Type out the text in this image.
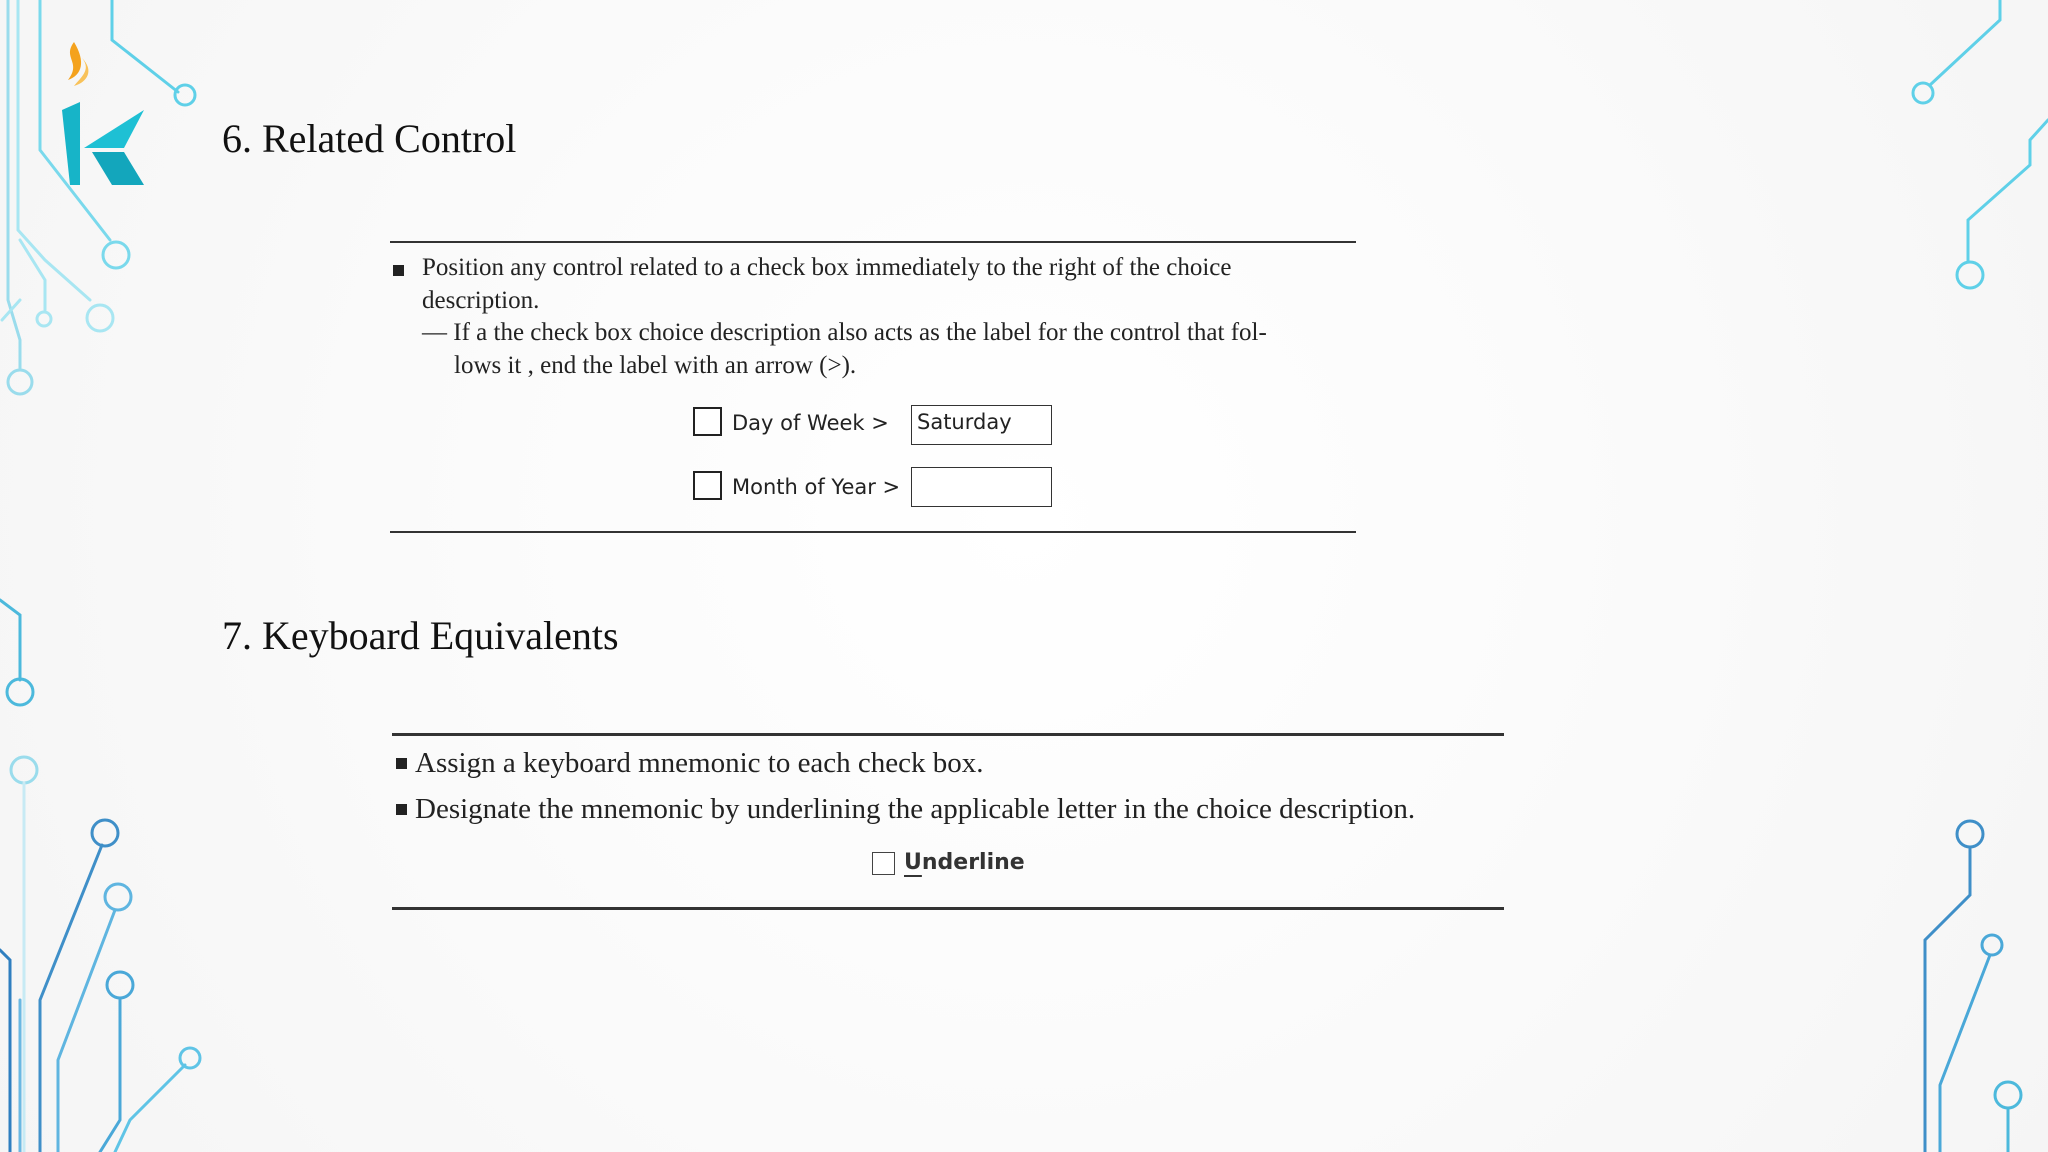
6. Related Control
Position any control related to a check box immediately to the right of the choice
description.
— If a the check box choice description also acts as the label for the control that fol-
lows it , end the label with an arrow (>).
Day of Week > Saturday
Month of Year >
7. Keyboard Equivalents
Assign a keyboard mnemonic to each check box.
Designate the mnemonic by underlining the applicable letter in the choice description.
Underline
